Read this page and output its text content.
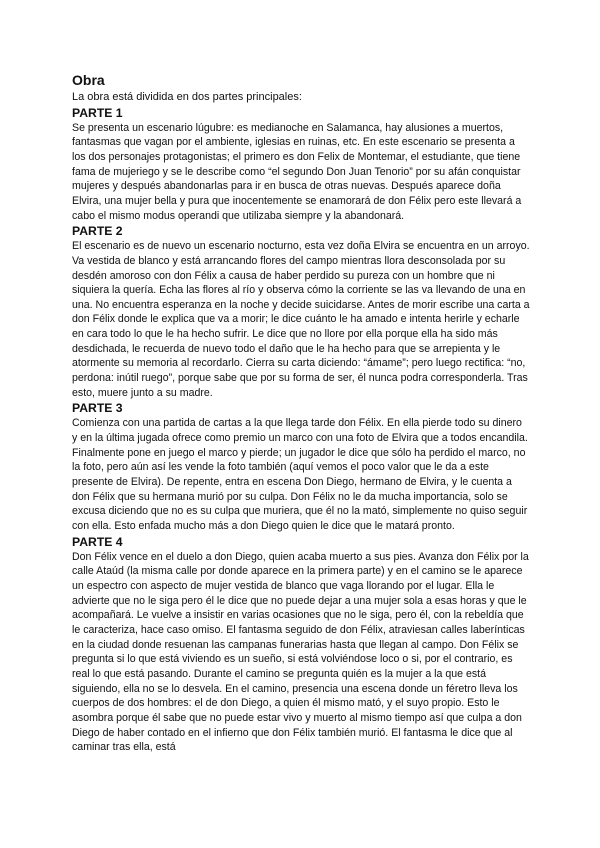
Obra

La obra está dividida en dos partes principales:

PARTE 1

Se presenta un escenario lúgubre: es medianoche en Salamanca, hay alusiones a muertos, fantasmas que vagan por el ambiente, iglesias en ruinas, etc. En este escenario se presenta a los dos personajes protagonistas; el primero es don Felix de Montemar, el estudiante, que tiene fama de mujeriego y se le describe como “el segundo Don Juan Tenorio” por su afán conquistar mujeres y después abandonarlas para ir en busca de otras nuevas. Después aparece doña Elvira, una mujer bella y pura que inocentemente se enamorará de don Félix pero este llevará a cabo el mismo modus operandi que utilizaba siempre y la abandonará.

PARTE 2

El escenario es de nuevo un escenario nocturno, esta vez doña Elvira se encuentra en un arroyo. Va vestida de blanco y está arrancando flores del campo mientras llora desconsolada por su desdén amoroso con don Félix a causa de haber perdido su pureza con un hombre que ni siquiera la quería. Echa las flores al río y observa cómo la corriente se las va llevando de una en una. No encuentra esperanza en la noche y decide suicidarse. Antes de morir escribe una carta a don Félix donde le explica que va a morir; le dice cuánto le ha amado e intenta herirle y echarle en cara todo lo que le ha hecho sufrir. Le dice que no llore por ella porque ella ha sido más desdichada, le recuerda de nuevo todo el daño que le ha hecho para que se arrepienta y le atormente su memoria al recordarlo. Cierra su carta diciendo: “ámame”; pero luego rectifica: “no, perdona: inútil ruego”, porque sabe que por su forma de ser, él nunca podra corresponderla. Tras esto, muere junto a su madre.

PARTE 3

Comienza con una partida de cartas a la que llega tarde don Félix. En ella pierde todo su dinero y en la última jugada ofrece como premio un marco con una foto de Elvira que a todos encandila. Finalmente pone en juego el marco y pierde; un jugador le dice que sólo ha perdido el marco, no la foto, pero aún así les vende la foto también (aquí vemos el poco valor que le da a este presente de Elvira). De repente, entra en escena Don Diego, hermano de Elvira, y le cuenta a don Félix que su hermana murió por su culpa. Don Félix no le da mucha importancia, solo se excusa diciendo que no es su culpa que muriera, que él no la mató, simplemente no quiso seguir con ella. Esto enfada mucho más a don Diego quien le dice que le matará pronto.

PARTE 4

Don Félix vence en el duelo a don Diego, quien acaba muerto a sus pies. Avanza don Félix por la calle Ataúd (la misma calle por donde aparece en la primera parte) y en el camino se le aparece un espectro con aspecto de mujer vestida de blanco que vaga llorando por el lugar. Ella le advierte que no le siga pero él le dice que no puede dejar a una mujer sola a esas horas y que le acompañará. Le vuelve a insistir en varias ocasiones que no le siga, pero él, con la rebeldía que le caracteriza, hace caso omiso. El fantasma seguido de don Félix, atraviesan calles laberínticas en la ciudad donde resuenan las campanas funerarias hasta que llegan al campo. Don Félix se pregunta si lo que está viviendo es un sueño, si está volviéndose loco o si, por el contrario, es real lo que está pasando. Durante el camino se pregunta quién es la mujer a la que está siguiendo, ella no se lo desvela. En el camino, presencia una escena donde un féretro lleva los cuerpos de dos hombres: el de don Diego, a quien él mismo mató, y el suyo propio. Esto le asombra porque él sabe que no puede estar vivo y muerto al mismo tiempo así que culpa a don Diego de haber contado en el infierno que don Félix también murió. El fantasma le dice que al caminar tras ella, está
